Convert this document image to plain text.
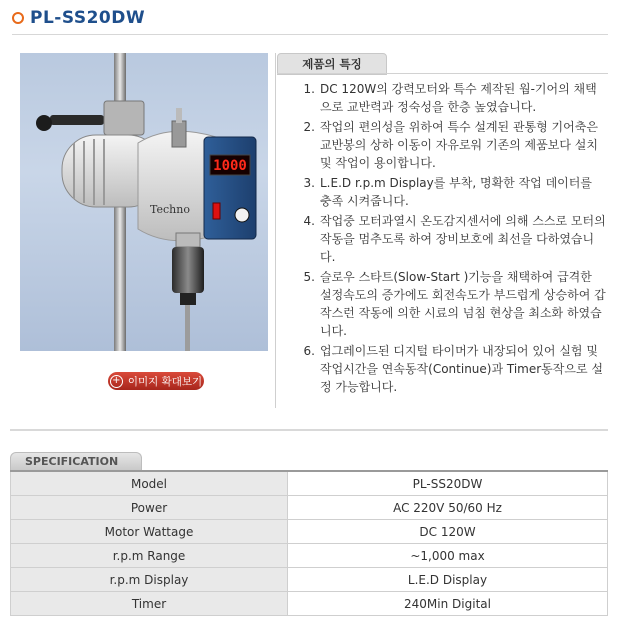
PL-SS20DW
1000
Techno
+ 이미지 확대보기
제품의 특징
1. DC 120W의 강력모터와 특수 제작된 웜-기어의 채택으로 교반력과 정숙성을 한층 높였습니다.
2. 작업의 편의성을 위하여 특수 설계된 관통형 기어축은 교반봉의 상하 이동이 자유로워 기존의 제품보다 설치 및 작업이 용이합니다.
3. L.E.D r.p.m Display를 부착, 명확한 작업 데이터를 충족 시켜줍니다.
4. 작업중 모터과열시 온도감지센서에 의해 스스로 모터의 작동을 멈추도록 하여 장비보호에 최선을 다하였습니다.
5. 슬로우 스타트(Slow-Start )기능을 채택하여 급격한 설정속도의 증가에도 회전속도가 부드럽게 상승하여 갑작스런 작동에 의한 시료의 넘침 현상을 최소화 하였습니다.
6. 업그레이드된 디지털 타이머가 내장되어 있어 실험 및 작업시간을 연속동작(Continue)과 Timer동작으로 설정 가능합니다.
SPECIFICATION
Model	PL-SS20DW
Power	AC 220V 50/60 Hz
Motor Wattage	DC 120W
r.p.m Range	~1,000 max
r.p.m Display	L.E.D Display
Timer	240Min Digital
